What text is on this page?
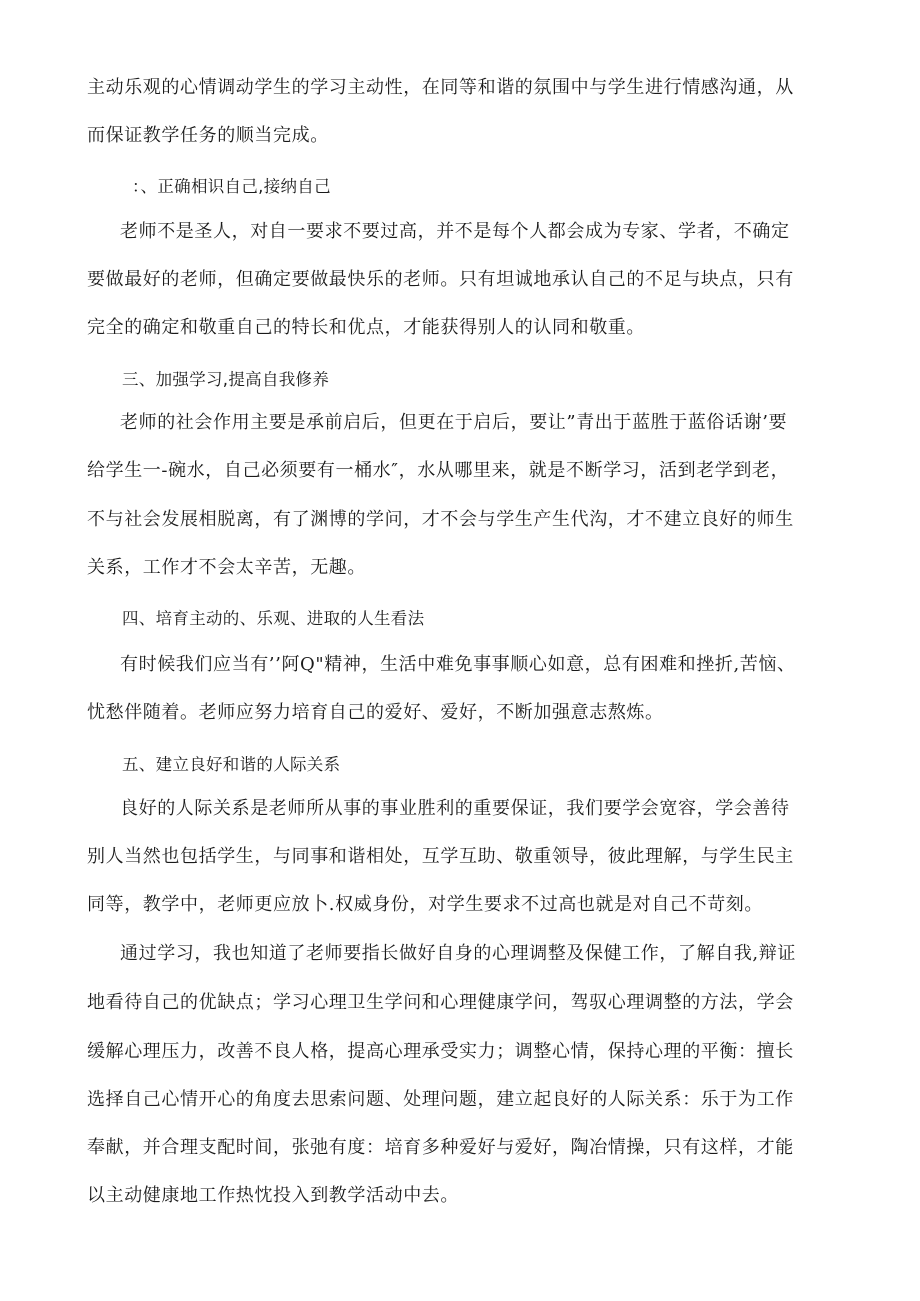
主动乐观的心情调动学生的学习主动性，在同等和谐的氛围中与学生进行情感沟通，从
而保证教学任务的顺当完成。
：、正确相识自己,接纳自己
老师不是圣人，对自一要求不要过高，并不是每个人都会成为专家、学者，不确定
要做最好的老师，但确定要做最快乐的老师。只有坦诚地承认自己的不足与块点，只有
完全的确定和敬重自己的特长和优点，才能获得别人的认同和敬重。
三、加强学习,提高自我修养
老师的社会作用主要是承前启后，但更在于启后，要让”青出于蓝胜于蓝俗话谢’要
给学生一-碗水，自己必须要有一桶水″，水从哪里来，就是不断学习，活到老学到老，
不与社会发展相脱离，有了渊博的学问，才不会与学生产生代沟，才不建立良好的师生
关系，工作才不会太辛苦，无趣。
四、培育主动的、乐观、进取的人生看法
有时候我们应当有’’阿Q"精神，生活中难免事事顺心如意，总有困难和挫折,苦恼、
忧愁伴随着。老师应努力培育自己的爱好、爱好，不断加强意志熬炼。
五、建立良好和谐的人际关系
良好的人际关系是老师所从事的事业胜利的重要保证，我们要学会宽容，学会善待
别人当然也包括学生，与同事和谐相处，互学互助、敬重领导，彼此理解，与学生民主
同等，教学中，老师更应放卜.权威身份，对学生要求不过高也就是对自己不苛刻。
通过学习，我也知道了老师要指长做好自身的心理调整及保健工作，了解自我,辩证
地看待自己的优缺点；学习心理卫生学问和心理健康学问，驾驭心理调整的方法，学会
缓解心理压力，改善不良人格，提高心理承受实力；调整心情，保持心理的平衡：擅长
选择自己心情开心的角度去思索问题、处理问题，建立起良好的人际关系：乐于为工作
奉献，并合理支配时间，张弛有度：培育多种爱好与爱好，陶冶情操，只有这样，才能
以主动健康地工作热忱投入到教学活动中去。
